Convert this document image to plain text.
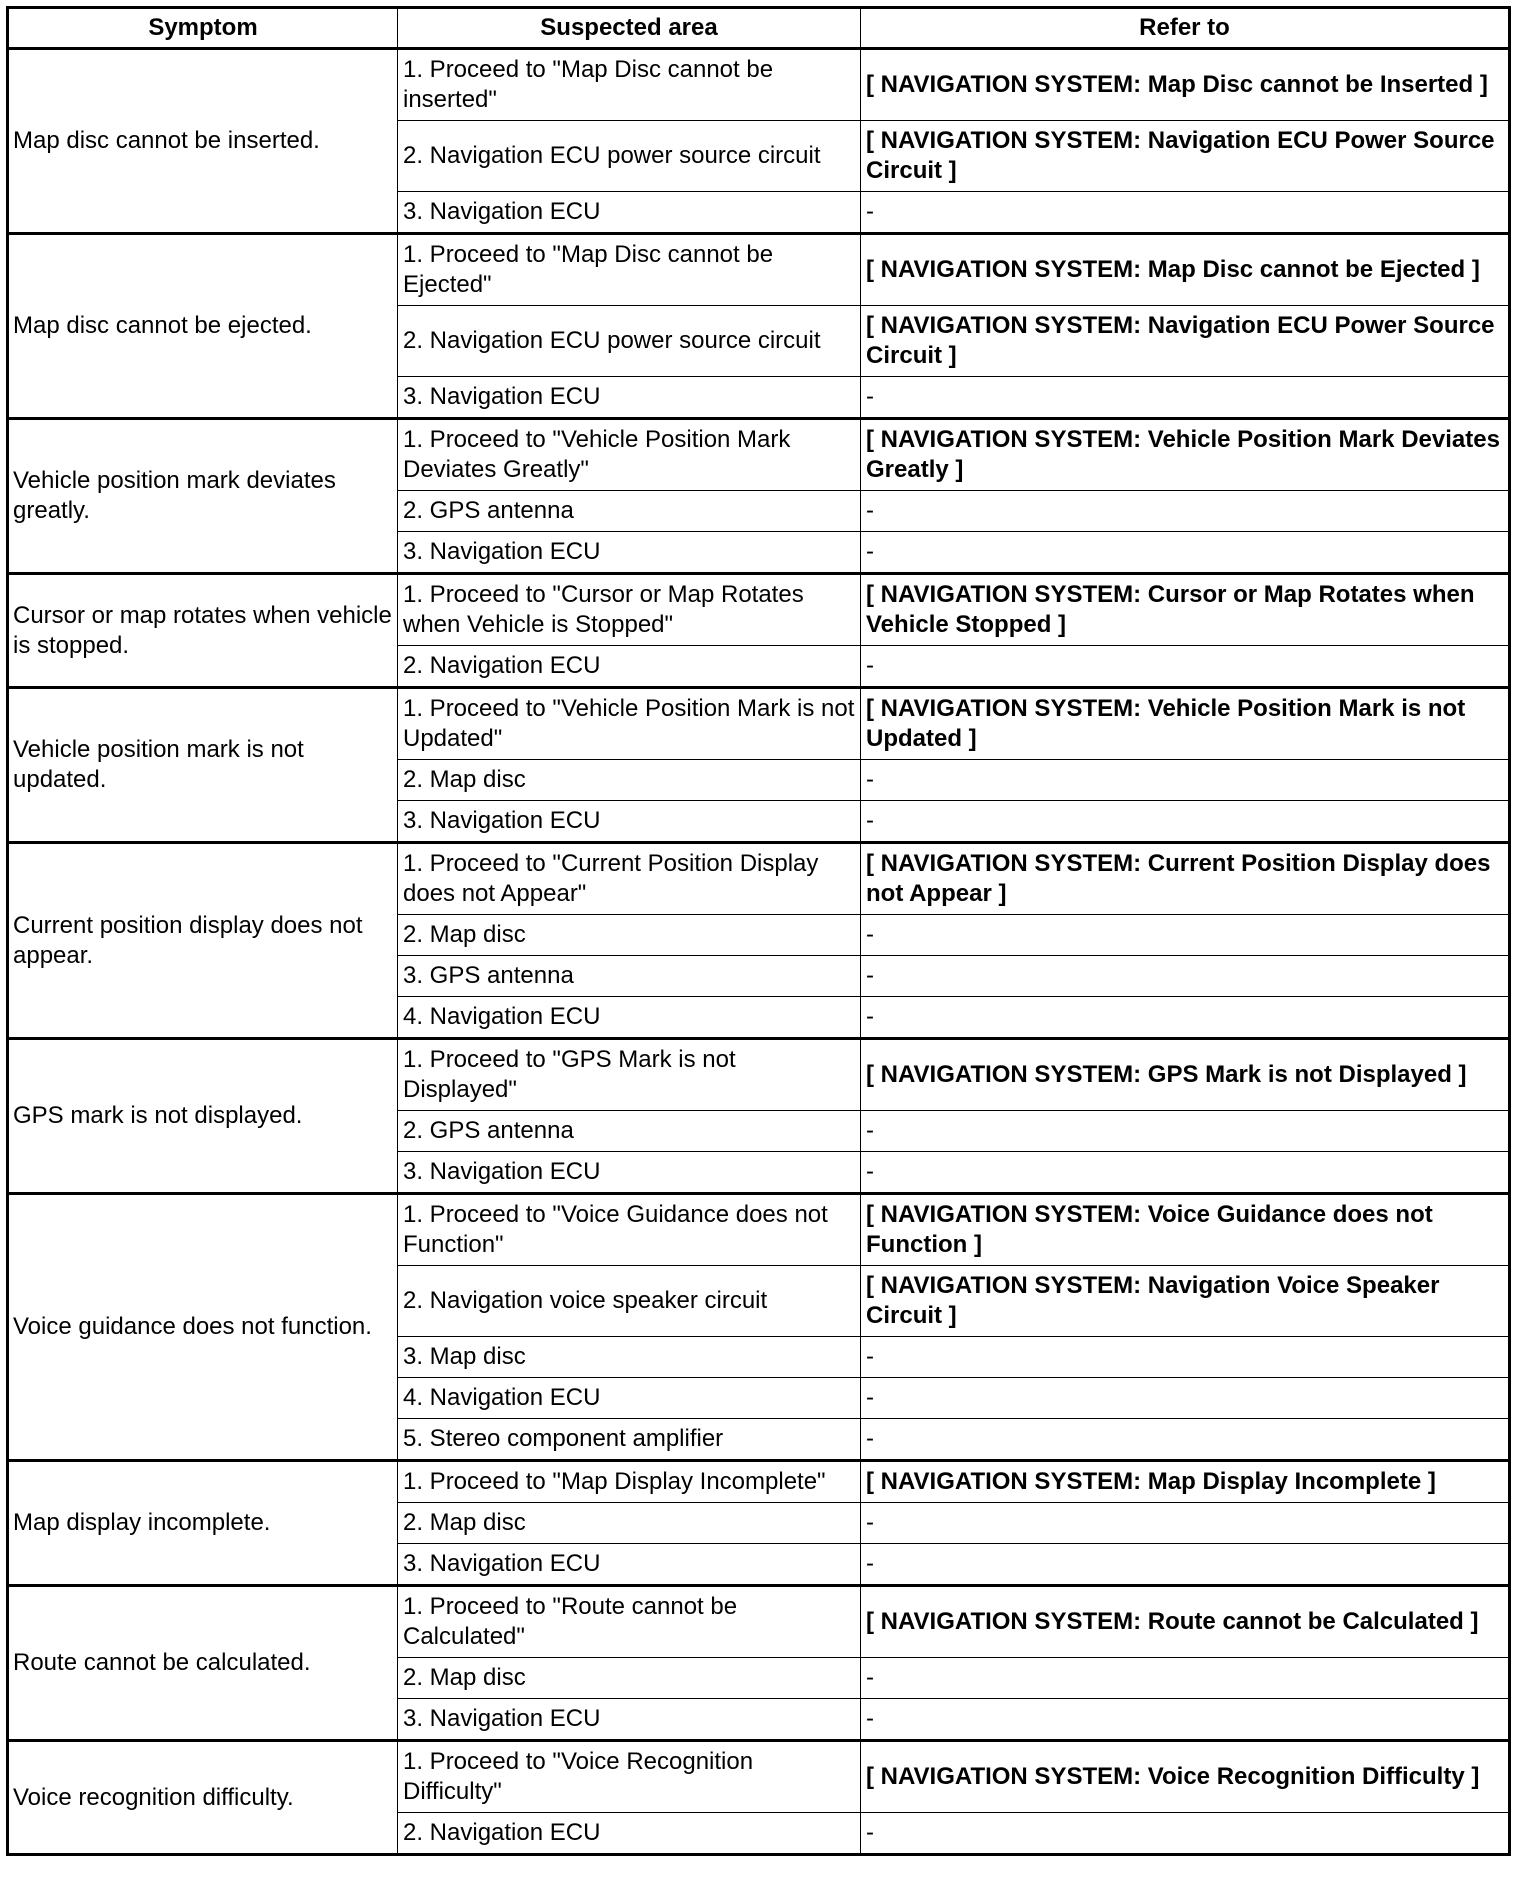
Symptom	Suspected area	Refer to
Map disc cannot be inserted.	1. Proceed to "Map Disc cannot be inserted"	[ NAVIGATION SYSTEM: Map Disc cannot be Inserted ]
	2. Navigation ECU power source circuit	[ NAVIGATION SYSTEM: Navigation ECU Power Source Circuit ]
	3. Navigation ECU	-
Map disc cannot be ejected.	1. Proceed to "Map Disc cannot be Ejected"	[ NAVIGATION SYSTEM: Map Disc cannot be Ejected ]
	2. Navigation ECU power source circuit	[ NAVIGATION SYSTEM: Navigation ECU Power Source Circuit ]
	3. Navigation ECU	-
Vehicle position mark deviates greatly.	1. Proceed to "Vehicle Position Mark Deviates Greatly"	[ NAVIGATION SYSTEM: Vehicle Position Mark Deviates Greatly ]
	2. GPS antenna	-
	3. Navigation ECU	-
Cursor or map rotates when vehicle is stopped.	1. Proceed to "Cursor or Map Rotates when Vehicle is Stopped"	[ NAVIGATION SYSTEM: Cursor or Map Rotates when Vehicle Stopped ]
	2. Navigation ECU	-
Vehicle position mark is not updated.	1. Proceed to "Vehicle Position Mark is not Updated"	[ NAVIGATION SYSTEM: Vehicle Position Mark is not Updated ]
	2. Map disc	-
	3. Navigation ECU	-
Current position display does not appear.	1. Proceed to "Current Position Display does not Appear"	[ NAVIGATION SYSTEM: Current Position Display does not Appear ]
	2. Map disc	-
	3. GPS antenna	-
	4. Navigation ECU	-
GPS mark is not displayed.	1. Proceed to "GPS Mark is not Displayed"	[ NAVIGATION SYSTEM: GPS Mark is not Displayed ]
	2. GPS antenna	-
	3. Navigation ECU	-
Voice guidance does not function.	1. Proceed to "Voice Guidance does not Function"	[ NAVIGATION SYSTEM: Voice Guidance does not Function ]
	2. Navigation voice speaker circuit	[ NAVIGATION SYSTEM: Navigation Voice Speaker Circuit ]
	3. Map disc	-
	4. Navigation ECU	-
	5. Stereo component amplifier	-
Map display incomplete.	1. Proceed to "Map Display Incomplete"	[ NAVIGATION SYSTEM: Map Display Incomplete ]
	2. Map disc	-
	3. Navigation ECU	-
Route cannot be calculated.	1. Proceed to "Route cannot be Calculated"	[ NAVIGATION SYSTEM: Route cannot be Calculated ]
	2. Map disc	-
	3. Navigation ECU	-
Voice recognition difficulty.	1. Proceed to "Voice Recognition Difficulty"	[ NAVIGATION SYSTEM: Voice Recognition Difficulty ]
	2. Navigation ECU	-
